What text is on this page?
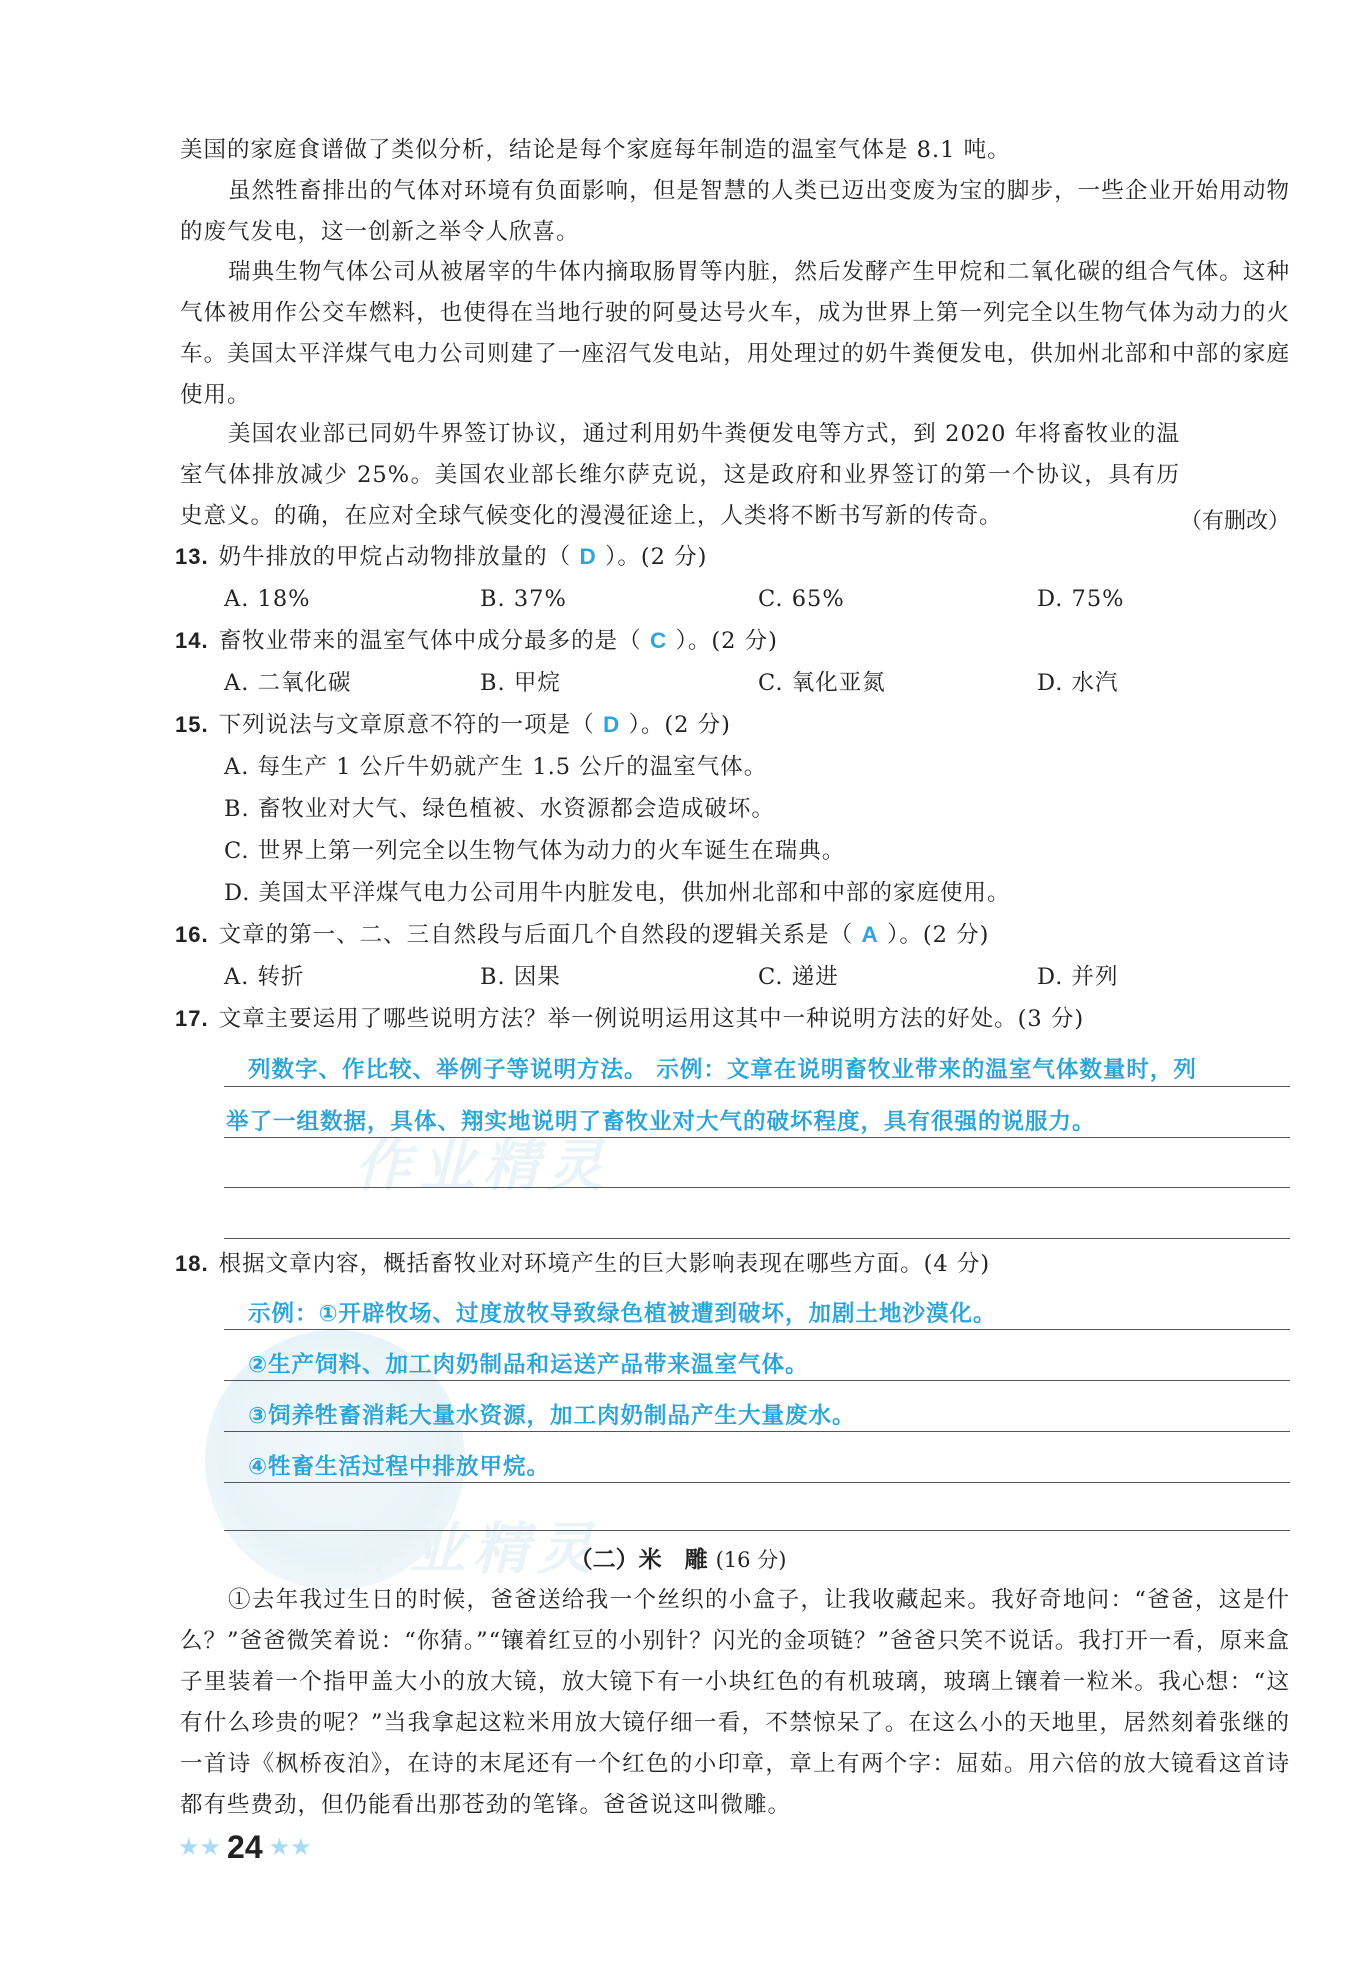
作业精灵
作业精灵

美国的家庭食谱做了类似分析，结论是每个家庭每年制造的温室气体是 8.1 吨。

虽然牲畜排出的气体对环境有负面影响，但是智慧的人类已迈出变废为宝的脚步，一些企业开始用动物的废气发电，这一创新之举令人欣喜。

瑞典生物气体公司从被屠宰的牛体内摘取肠胃等内脏，然后发酵产生甲烷和二氧化碳的组合气体。这种气体被用作公交车燃料，也使得在当地行驶的阿曼达号火车，成为世界上第一列完全以生物气体为动力的火车。美国太平洋煤气电力公司则建了一座沼气发电站，用处理过的奶牛粪便发电，供加州北部和中部的家庭使用。

美国农业部已同奶牛界签订协议，通过利用奶牛粪便发电等方式，到 2020 年将畜牧业的温室气体排放减少 25%。美国农业部长维尔萨克说，这是政府和业界签订的第一个协议，具有历史意义。的确，在应对全球气候变化的漫漫征途上，人类将不断书写新的传奇。	（有删改）
13. 奶牛排放的甲烷占动物排放量的（ D ）。(2 分)
A. 18%	B. 37%	C. 65%	D. 75%
14. 畜牧业带来的温室气体中成分最多的是（ C ）。(2 分)
A. 二氧化碳	B. 甲烷	C. 氧化亚氮	D. 水汽
15. 下列说法与文章原意不符的一项是（ D ）。(2 分)
A. 每生产 1 公斤牛奶就产生 1.5 公斤的温室气体。
B. 畜牧业对大气、绿色植被、水资源都会造成破坏。
C. 世界上第一列完全以生物气体为动力的火车诞生在瑞典。
D. 美国太平洋煤气电力公司用牛内脏发电，供加州北部和中部的家庭使用。
16. 文章的第一、二、三自然段与后面几个自然段的逻辑关系是（ A ）。(2 分)
A. 转折	B. 因果	C. 递进	D. 并列
17. 文章主要运用了哪些说明方法？举一例说明运用这其中一种说明方法的好处。(3 分)
列数字、作比较、举例子等说明方法。 示例：文章在说明畜牧业带来的温室气体数量时，列
举了一组数据，具体、翔实地说明了畜牧业对大气的破坏程度，具有很强的说服力。
18. 根据文章内容，概括畜牧业对环境产生的巨大影响表现在哪些方面。(4 分)
示例：①开辟牧场、过度放牧导致绿色植被遭到破坏，加剧土地沙漠化。
②生产饲料、加工肉奶制品和运送产品带来温室气体。
③饲养牲畜消耗大量水资源，加工肉奶制品产生大量废水。
④牲畜生活过程中排放甲烷。
（二）米　雕 (16 分)

①去年我过生日的时候，爸爸送给我一个丝织的小盒子，让我收藏起来。我好奇地问：“爸爸，这是什么？”爸爸微笑着说：“你猜。”“镶着红豆的小别针？闪光的金项链？”爸爸只笑不说话。我打开一看，原来盒子里装着一个指甲盖大小的放大镜，放大镜下有一小块红色的有机玻璃，玻璃上镶着一粒米。我心想：“这有什么珍贵的呢？”当我拿起这粒米用放大镜仔细一看，不禁惊呆了。在这么小的天地里，居然刻着张继的一首诗《枫桥夜泊》，在诗的末尾还有一个红色的小印章，章上有两个字：屈茹。用六倍的放大镜看这首诗都有些费劲，但仍能看出那苍劲的笔锋。爸爸说这叫微雕。

★ ★ 24 ★ ★
